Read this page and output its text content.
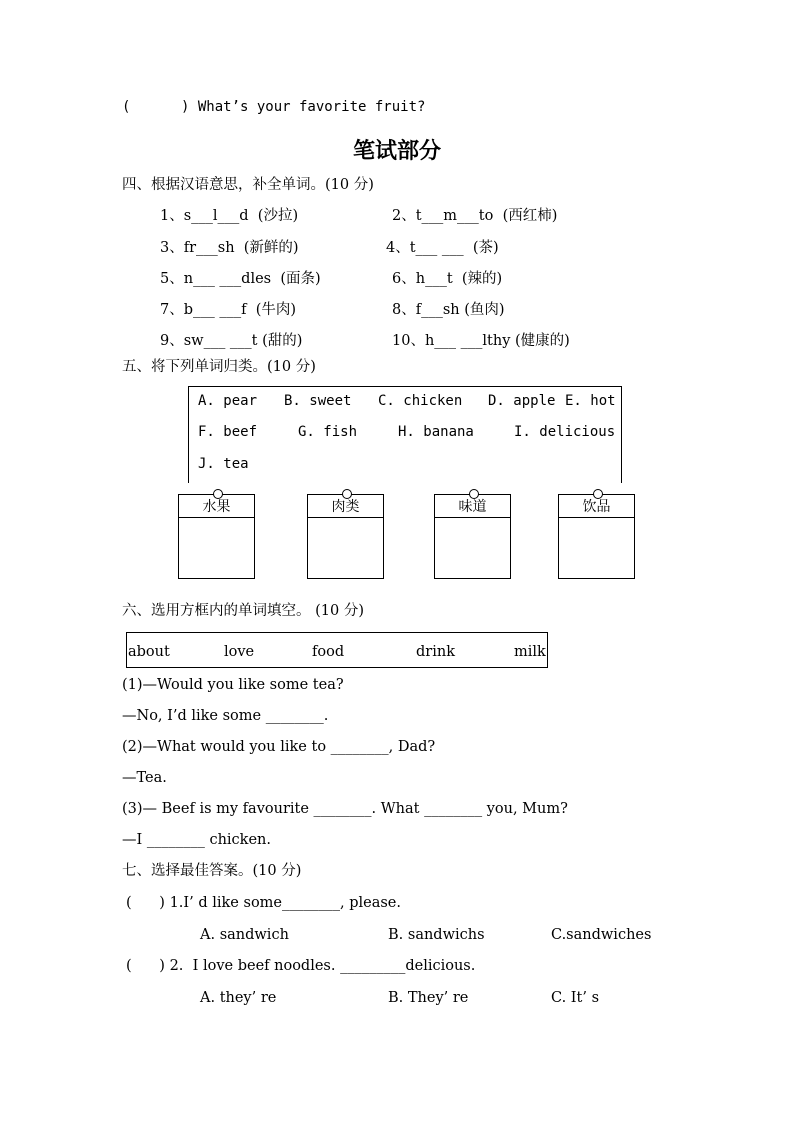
(      ) What’s your favorite fruit?
笔试部分
四、根据汉语意思，补全单词。(10 分)
1、s___l___d  (沙拉)	2、t___m___to  (西红柿)
3、fr___sh  (新鲜的)	4、t___ ___  (茶)
5、n___ ___dles  (面条)	6、h___t  (辣的)
7、b___ ___f  (牛肉)	8、f___sh (鱼肉)
9、sw___ ___t (甜的)	10、h___ ___lthy (健康的)
五、将下列单词归类。(10 分)
A. pear B. sweet C. chicken D. apple E. hot
F. beef	G. fish	H. banana	I. delicious
J. tea
水果	肉类	味道	饮品
六、选用方框内的单词填空。 (10 分)
about	love	food	drink	milk
(1)—Would you like some tea?
—No, I’d like some ________.
(2)—What would you like to ________, Dad?
—Tea.
(3)— Beef is my favourite ________. What ________ you, Mum?
—I ________ chicken.
七、选择最佳答案。(10 分)
(      ) 1.I’ d like some________, please.
A. sandwich	B. sandwichs	C.sandwiches
(      ) 2.  I love beef noodles. _________delicious.
A. they’ re	B. They’ re	C. It’ s
